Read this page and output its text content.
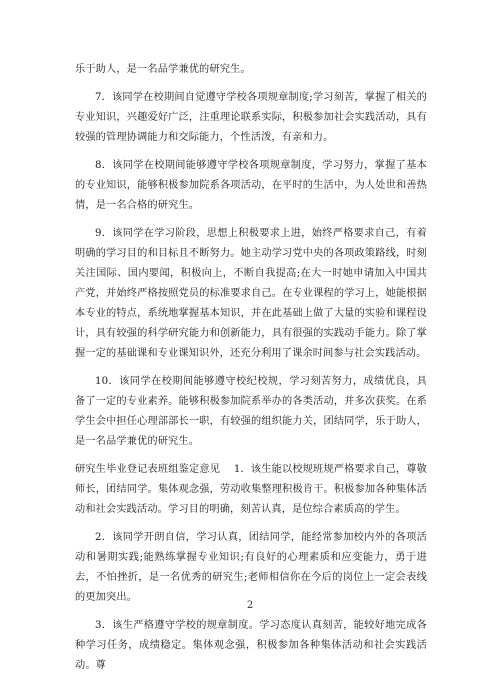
乐于助人，是一名品学兼优的研究生。

7．该同学在校期间自觉遵守学校各项规章制度;学习刻苦，掌握了相关的专业知识，兴趣爱好广泛，注重理论联系实际，积极参加社会实践活动，具有较强的管理协调能力和交际能力，个性活泼，有亲和力。

8．该同学在校期间能够遵守学校各项规章制度，学习努力，掌握了基本的专业知识，能够积极参加院系各项活动，在平时的生活中，为人处世和善热情，是一名合格的研究生。

9．该同学在学习阶段，思想上积极要求上进，始终严格要求自己，有着明确的学习目的和目标且不断努力。她主动学习党中央的各项政策路线，时刻关注国际、国内要闻，积极向上，不断自我提高;在大一时她申请加入中国共产党，并始终严格按照党员的标准要求自己。在专业课程的学习上，她能根据本专业的特点，系统地掌握基本知识，并在此基础上做了大量的实验和课程设计，具有较强的科学研究能力和创新能力，具有很强的实践动手能力。除了掌握一定的基础课和专业课知识外，还充分利用了课余时间参与社会实践活动。

10．该同学在校期间能够遵守校纪校规，学习刻苦努力，成绩优良，具备了一定的专业素养。能够积极参加院系举办的各类活动，并多次获奖。在系学生会中担任心理部部长一职，有较强的组织能力关，团结同学，乐于助人，是一名品学兼优的研究生。

研究生毕业登记表班组鉴定意见 　1．该生能以校规班规严格要求自己，尊敬师长，团结同学。集体观念强，劳动收集整理积极肯干。积极参加各种集体活动和社会实践活动。学习目的明确，刻苦认真，是位综合素质高的学生。

2．该同学开朗自信，学习认真，团结同学，能经常参加校内外的各项活动和暑期实践;能熟练掌握专业知识;有良好的心理素质和应变能力，勇于进去，不怕挫折，是一名优秀的研究生;老师相信你在今后的岗位上一定会表线的更加突出。

3．该生严格遵守学校的规章制度。学习态度认真刻苦，能较好地完成各种学习任务，成绩稳定。集体观念强，积极参加各种集体活动和社会实践活动。尊

2
